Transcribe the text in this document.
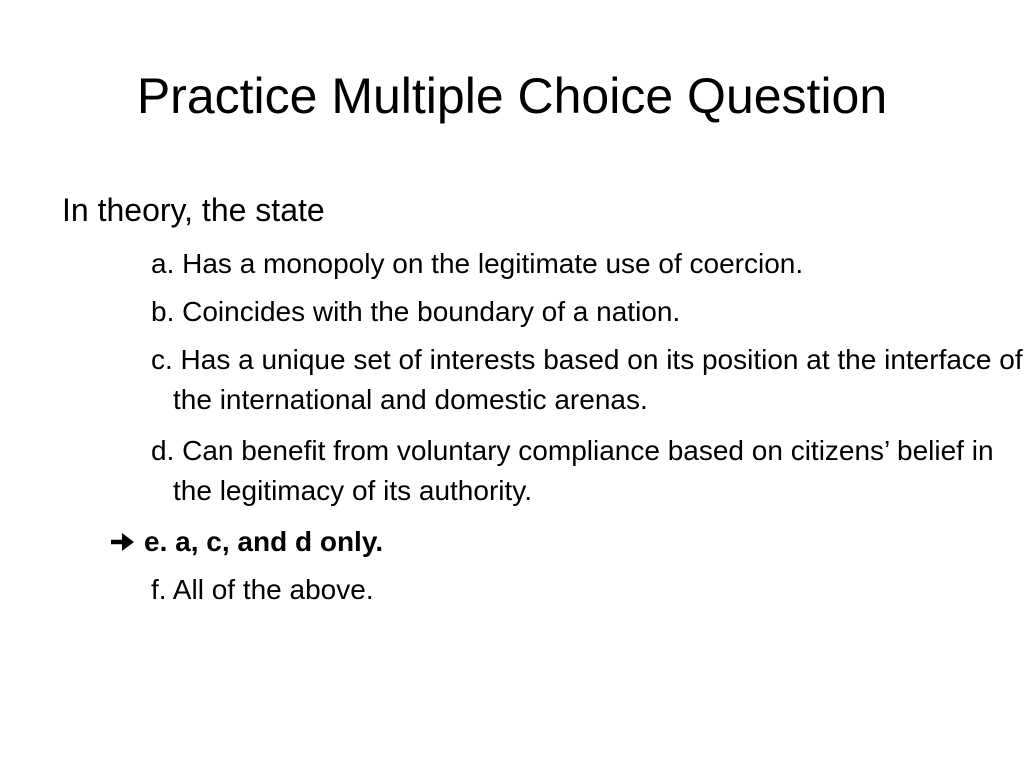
Practice Multiple Choice Question
In theory, the state
a. Has a monopoly on the legitimate use of coercion.
b. Coincides with the boundary of a nation.
c. Has a unique set of interests based on its position at the interface of the international and domestic arenas.
d. Can benefit from voluntary compliance based on citizens’ belief in the legitimacy of its authority.
e. a, c, and d only.
f. All of the above.
